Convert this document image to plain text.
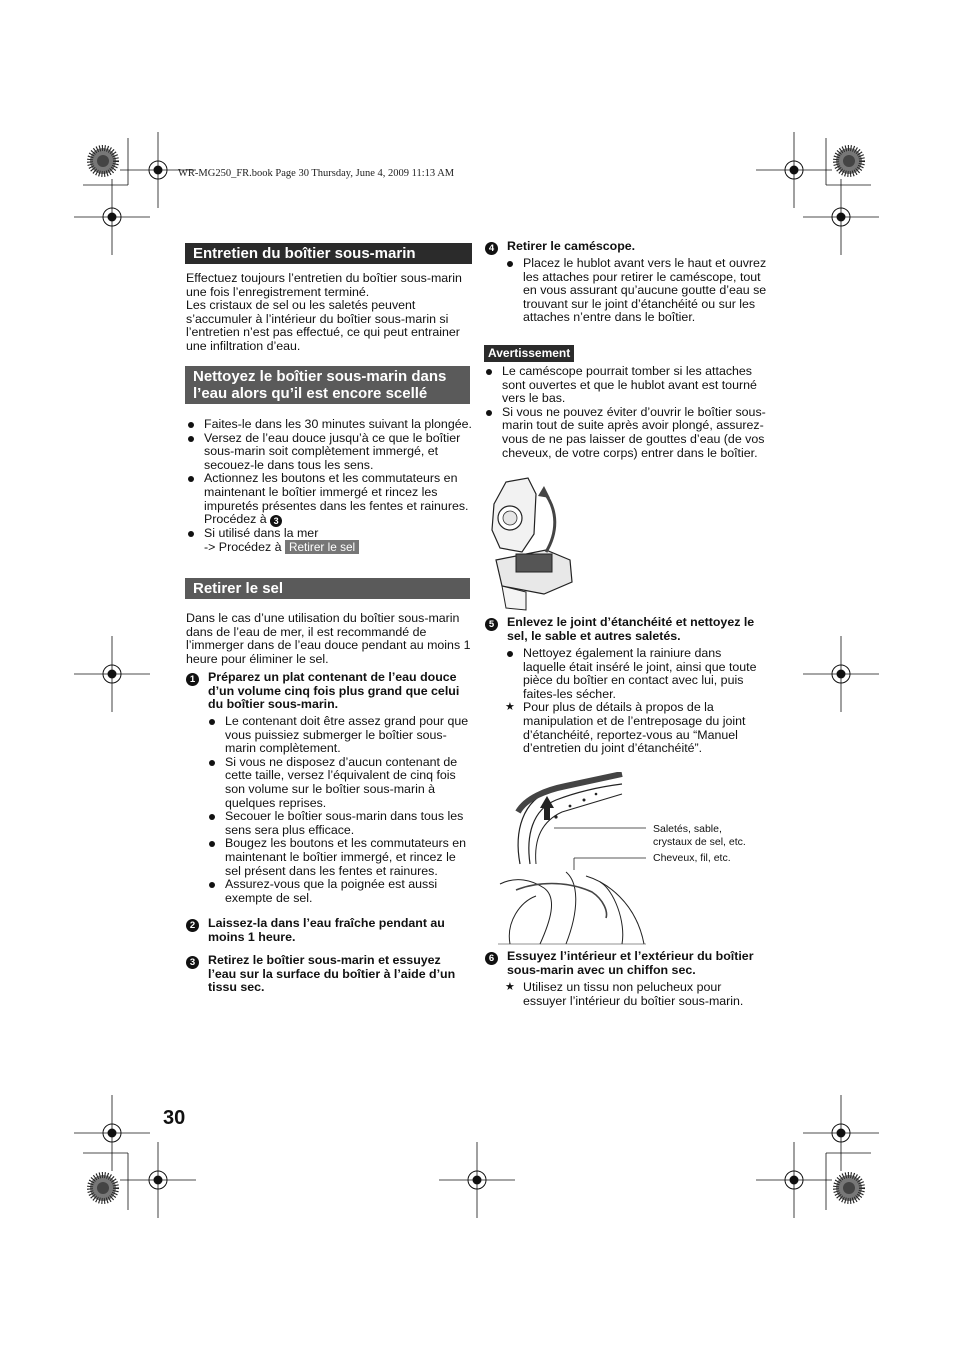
WR-MG250_FR.book Page 30 Thursday, June 4, 2009 11:13 AM
Entretien du boîtier sous-marin

Effectuez toujours l’entretien du boîtier sous-marin une fois l’enregistrement terminé.

Les cristaux de sel ou les saletés peuvent s’accumuler à l’intérieur du boîtier sous-marin si l’entretien n’est pas effectué, ce qui peut entrainer une infiltration d’eau.

Nettoyez le boîtier sous-marin dans l’eau alors qu’il est encore scellé
Faites-le dans les 30 minutes suivant la plongée.
Versez de l’eau douce jusqu’à ce que le boîtier sous-marin soit complètement immergé, et secouez-le dans tous les sens.
Actionnez les boutons et les commutateurs en maintenant le boîtier immergé et rincez les impuretés présentes dans les fentes et rainures. Procédez à 3
Si utilisé dans la mer
-> Procédez à Retirer le sel
Retirer le sel
Dans le cas d’une utilisation du boîtier sous-marin dans de l’eau de mer, il est recommandé de l’immerger dans de l’eau douce pendant au moins 1 heure pour éliminer le sel.
1	Préparez un plat contenant de l’eau douce d’un volume cinq fois plus grand que celui du boîtier sous-marin.
Le contenant doit être assez grand pour que vous puissiez submerger le boîtier sous-marin complètement.
Si vous ne disposez d’aucun contenant de cette taille, versez l’équivalent de cinq fois son volume sur le boîtier sous-marin à quelques reprises.
Secouer le boîtier sous-marin dans tous les sens sera plus efficace.
Bougez les boutons et les commutateurs en maintenant le boîtier immergé, et rincez le sel présent dans les fentes et rainures.
Assurez-vous que la poignée est aussi exempte de sel.
2	Laissez-la dans l’eau fraîche pendant au moins 1 heure.
3	Retirez le boîtier sous-marin et essuyez l’eau sur la surface du boîtier à l’aide d’un tissu sec.
4	Retirer le caméscope.
Placez le hublot avant vers le haut et ouvrez les attaches pour retirer le caméscope, tout en vous assurant qu’aucune goutte d’eau se trouvant sur le joint d’étanchéité ou sur les attaches n’entre dans le boîtier.
Avertissement
Le caméscope pourrait tomber si les attaches sont ouvertes et que le hublot avant est tourné vers le bas.
Si vous ne pouvez éviter d’ouvrir le boîtier sous-marin tout de suite après avoir plongé, assurez-vous de ne pas laisser de gouttes d’eau (de vos cheveux, de votre corps) entrer dans le boîtier.
5	Enlevez le joint d’étanchéité et nettoyez le sel, le sable et autres saletés.
Nettoyez également la rainiure dans laquelle était inséré le joint, ainsi que toute pièce du boîtier en contact avec lui, puis faites-les sécher.
★ Pour plus de détails à propos de la manipulation et de l’entreposage du joint d’étanchéité, reportez-vous au “Manuel d’entretien du joint d’étanchéité”.
Saletés, sable,
crystaux de sel, etc.
Cheveux, fil, etc.
6	Essuyez l’intérieur et l’extérieur du boîtier sous-marin avec un chiffon sec.
★ Utilisez un tissu non pelucheux pour essuyer l’intérieur du boîtier sous-marin.
30
